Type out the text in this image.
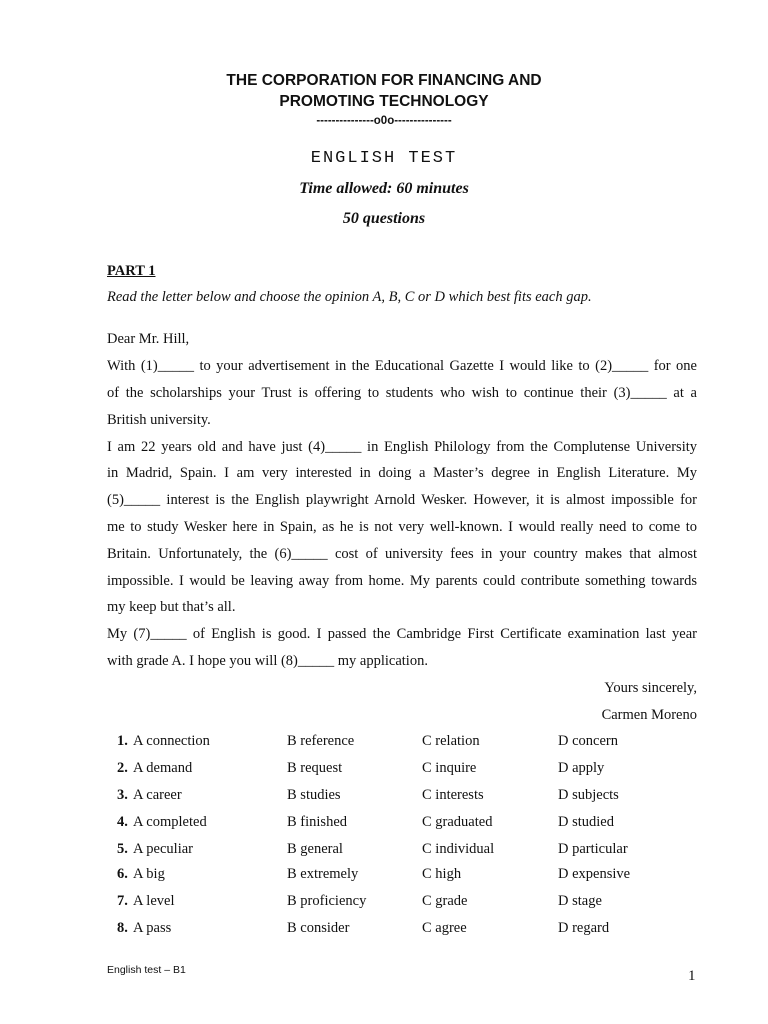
THE CORPORATION FOR FINANCING AND
PROMOTING TECHNOLOGY
---------------o0o---------------
ENGLISH TEST
Time allowed: 60 minutes
50 questions
PART 1
Read the letter below and choose the opinion A, B, C or D which best fits each gap.
Dear Mr. Hill,
With (1)_____ to your advertisement in the Educational Gazette I would like to (2)_____ for one
of the scholarships your Trust is offering to students who wish to continue their (3)_____ at a
British university.
I am 22 years old and have just (4)_____ in English Philology from the Complutense University
in Madrid, Spain. I am very interested in doing a Master’s degree in English Literature. My
(5)_____ interest is the English playwright Arnold Wesker. However, it is almost impossible for
me to study Wesker here in Spain, as he is not very well-known. I would really need to come to
Britain. Unfortunately, the (6)_____ cost of university fees in your country makes that almost
impossible. I would be leaving away from home. My parents could contribute something towards
my keep but that’s all.
My (7)_____ of English is good. I passed the Cambridge First Certificate examination last year
with grade A. I hope you will (8)_____ my application.
Yours sincerely,
Carmen Moreno
1. A connection	B reference	C relation	D concern
2. A demand	B request	C inquire	D apply
3. A career	B studies	C interests	D subjects
4. A completed	B finished	C graduated	D studied
5. A peculiar	B general	C individual	D particular
6. A big	B extremely	C high	D expensive
7. A level	B proficiency	C grade	D stage
8. A pass	B consider	C agree	D regard
English test – B1	1
